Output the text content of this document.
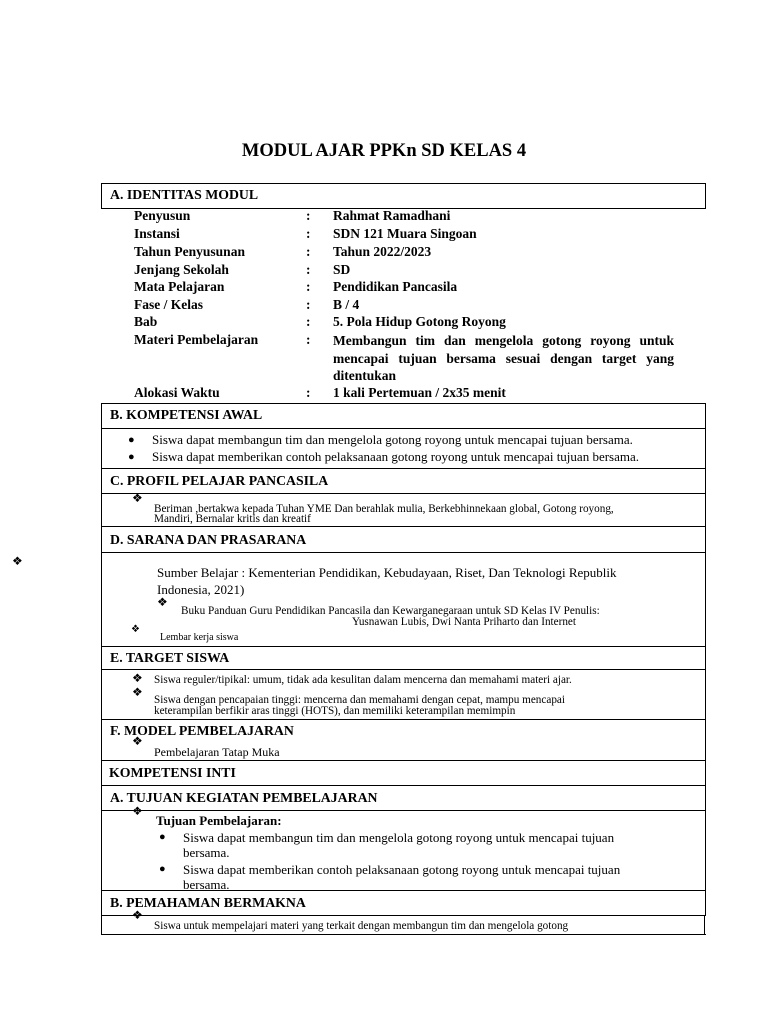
MODUL AJAR PPKn SD KELAS 4
A. IDENTITAS MODUL
Penyusun	: Rahmat Ramadhani
Instansi	: SDN 121 Muara Singoan
Tahun Penyusunan	: Tahun 2022/2023
Jenjang Sekolah	: SD
Mata Pelajaran	: Pendidikan Pancasila
Fase / Kelas	: B / 4
Bab	: 5. Pola Hidup Gotong Royong
Materi Pembelajaran	: Membangun tim dan mengelola gotong royong untuk mencapai tujuan bersama sesuai dengan target yang ditentukan
Alokasi Waktu	: 1 kali Pertemuan / 2x35 menit
B. KOMPETENSI AWAL
● Siswa dapat membangun tim dan mengelola gotong royong untuk mencapai tujuan bersama.
● Siswa dapat memberikan contoh pelaksanaan gotong royong untuk mencapai tujuan bersama.
C. PROFIL PELAJAR PANCASILA
❖
Beriman ,bertakwa kepada Tuhan YME Dan berahlak mulia, Berkebhinnekaan global, Gotong royong,
Mandiri, Bernalar kritis dan kreatif
❖
D. SARANA DAN PRASARANA
Sumber Belajar : Kementerian Pendidikan, Kebudayaan, Riset, Dan Teknologi Republik
Indonesia, 2021)
❖
Buku Panduan Guru Pendidikan Pancasila dan Kewarganegaraan untuk SD Kelas IV Penulis:
Yusnawan Lubis, Dwi Nanta Priharto dan Internet
❖
Lembar kerja siswa
E. TARGET SISWA
❖ Siswa reguler/tipikal: umum, tidak ada kesulitan dalam mencerna dan memahami materi ajar.
❖
Siswa dengan pencapaian tinggi: mencerna dan memahami dengan cepat, mampu mencapai
keterampilan berfikir aras tinggi (HOTS), dan memiliki keterampilan memimpin
F. MODEL PEMBELAJARAN
❖
Pembelajaran Tatap Muka
KOMPETENSI INTI
A. TUJUAN KEGIATAN PEMBELAJARAN
❖
Tujuan Pembelajaran:
● Siswa dapat membangun tim dan mengelola gotong royong untuk mencapai tujuan
bersama.
● Siswa dapat memberikan contoh pelaksanaan gotong royong untuk mencapai tujuan
bersama.
B. PEMAHAMAN BERMAKNA
❖
Siswa untuk mempelajari materi yang terkait dengan membangun tim dan mengelola gotong
